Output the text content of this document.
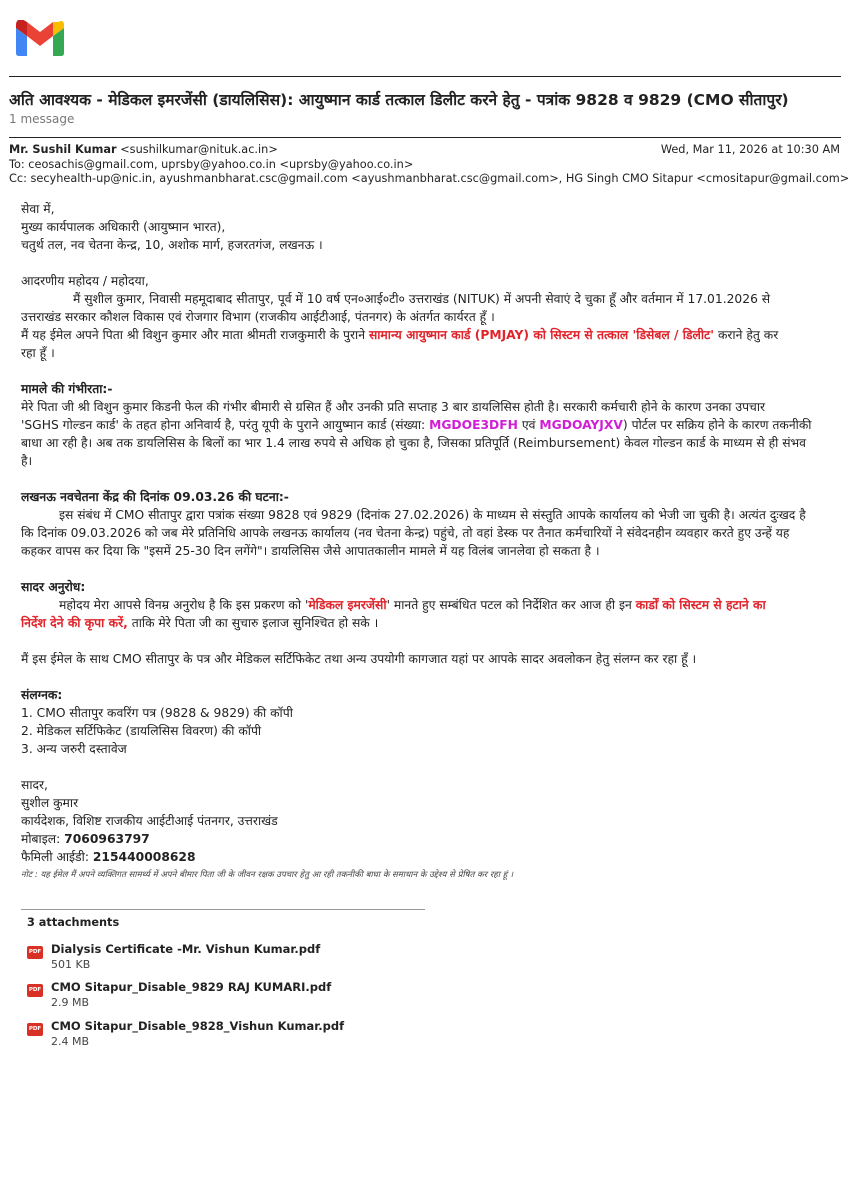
अति आवश्यक - मेडिकल इमरजेंसी (डायलिसिस): आयुष्मान कार्ड तत्काल डिलीट करने हेतु - पत्रांक 9828 व 9829 (CMO सीतापुर)
1 message
Mr. Sushil Kumar <sushilkumar@nituk.ac.in>	Wed, Mar 11, 2026 at 10:30 AM
To: ceosachis@gmail.com, uprsby@yahoo.co.in <uprsby@yahoo.co.in>
Cc: secyhealth-up@nic.in, ayushmanbharat.csc@gmail.com <ayushmanbharat.csc@gmail.com>, HG Singh CMO Sitapur <cmositapur@gmail.com>

सेवा में,

मुख्य कार्यपालक अधिकारी (आयुष्मान भारत),

चतुर्थ तल, नव चेतना केन्द्र, 10, अशोक मार्ग, हजरतगंज, लखनऊ ।

आदरणीय महोदय / महोदया,

मैं सुशील कुमार, निवासी महमूदाबाद सीतापुर, पूर्व में 10 वर्ष एन०आई०टी० उत्तराखंड (NITUK) में अपनी सेवाएं दे चुका हूँ और वर्तमान में 17.01.2026 से

उत्तराखंड सरकार कौशल विकास एवं रोजगार विभाग (राजकीय आईटीआई, पंतनगर) के अंतर्गत कार्यरत हूँ ।

मैं यह ईमेल अपने पिता श्री विशुन कुमार और माता श्रीमती राजकुमारी के पुराने सामान्य आयुष्मान कार्ड (PMJAY) को सिस्टम से तत्काल 'डिसेबल / डिलीट' कराने हेतु कर

रहा हूँ ।

मामले की गंभीरता:-

मेरे पिता जी श्री विशुन कुमार किडनी फेल की गंभीर बीमारी से ग्रसित हैं और उनकी प्रति सप्ताह 3 बार डायलिसिस होती है। सरकारी कर्मचारी होने के कारण उनका उपचार

'SGHS गोल्डन कार्ड' के तहत होना अनिवार्य है, परंतु यूपी के पुराने आयुष्मान कार्ड (संख्या: MGDOE3DFH एवं MGDOAYJXV) पोर्टल पर सक्रिय होने के कारण तकनीकी

बाधा आ रही है। अब तक डायलिसिस के बिलों का भार 1.4 लाख रुपये से अधिक हो चुका है, जिसका प्रतिपूर्ति (Reimbursement) केवल गोल्डन कार्ड के माध्यम से ही संभव

है।

लखनऊ नवचेतना केंद्र की दिनांक 09.03.26 की घटना:-

इस संबंध में CMO सीतापुर द्वारा पत्रांक संख्या 9828 एवं 9829 (दिनांक 27.02.2026) के माध्यम से संस्तुति आपके कार्यालय को भेजी जा चुकी है। अत्यंत दुःखद है

कि दिनांक 09.03.2026 को जब मेरे प्रतिनिधि आपके लखनऊ कार्यालय (नव चेतना केन्द्र) पहुंचे, तो वहां डेस्क पर तैनात कर्मचारियों ने संवेदनहीन व्यवहार करते हुए उन्हें यह

कहकर वापस कर दिया कि "इसमें 25-30 दिन लगेंगे"। डायलिसिस जैसे आपातकालीन मामले में यह विलंब जानलेवा हो सकता है ।

सादर अनुरोध:

महोदय मेरा आपसे विनम्र अनुरोध है कि इस प्रकरण को 'मेडिकल इमरजेंसी' मानते हुए सम्बंधित पटल को निर्देशित कर आज ही इन कार्डों को सिस्टम से हटाने का

निर्देश देने की कृपा करें, ताकि मेरे पिता जी का सुचारु इलाज सुनिश्चित हो सके ।

मैं इस ईमेल के साथ CMO सीतापुर के पत्र और मेडिकल सर्टिफिकेट तथा अन्य उपयोगी कागजात यहां पर आपके सादर अवलोकन हेतु संलग्न कर रहा हूँ ।

संलग्नक:

1. CMO सीतापुर कवरिंग पत्र (9828 & 9829) की कॉपी

2. मेडिकल सर्टिफिकेट (डायलिसिस विवरण) की कॉपी

3. अन्य जरुरी दस्तावेज

सादर,

सुशील कुमार

कार्यदेशक, विशिष्ट राजकीय आईटीआई पंतनगर, उत्तराखंड

मोबाइल: 7060963797

फैमिली आईडी: 215440008628

नोट : यह ईमेल मैं अपने व्यक्तिगत सामर्थ्य में अपने बीमार पिता जी के जीवन रक्षक उपचार हेतु आ रही तकनीकी बाधा के समाधान के उद्देश्य से प्रेषित कर रहा हूं ।

3 attachments
PDF Dialysis Certificate -Mr. Vishun Kumar.pdf
501 KB
PDF CMO Sitapur_Disable_9829 RAJ KUMARI.pdf
2.9 MB
PDF CMO Sitapur_Disable_9828_Vishun Kumar.pdf
2.4 MB
